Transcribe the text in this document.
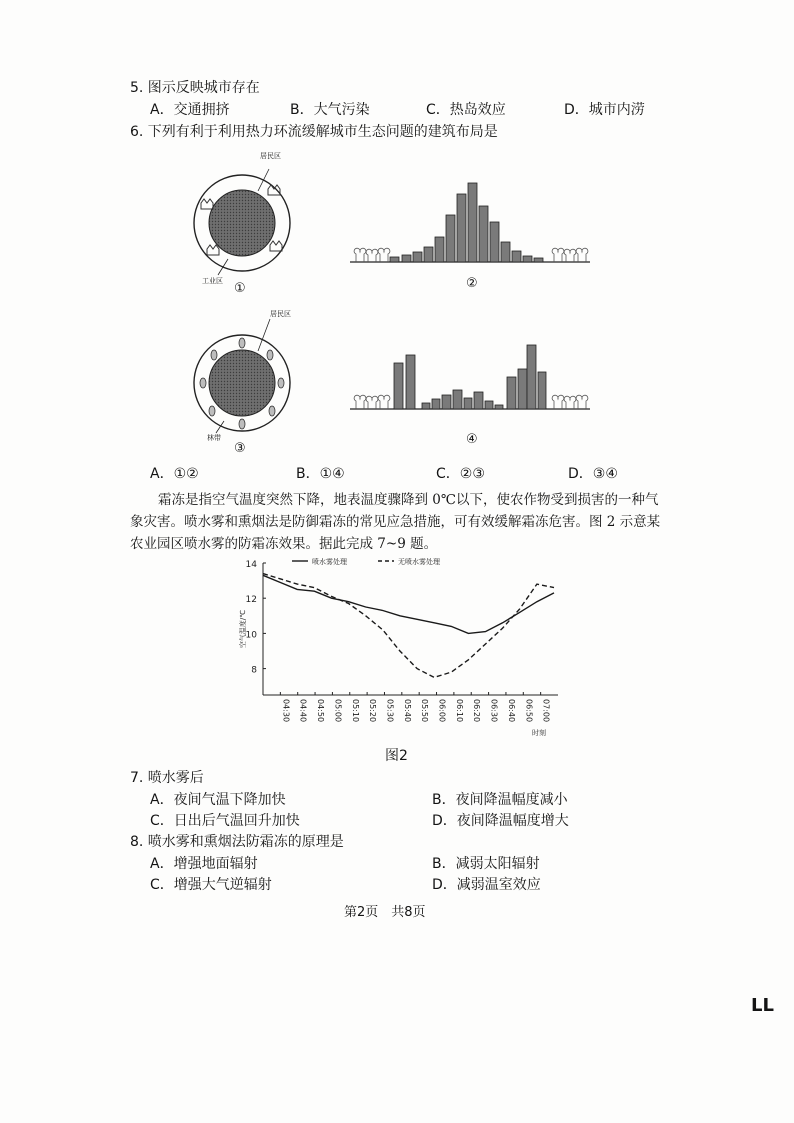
5. 图示反映城市存在
A．交通拥挤	B．大气污染	C．热岛效应	D．城市内涝
6. 下列有利于利用热力环流缓解城市生态问题的建筑布局是
居民区
工业区 ①	②
居民区
林带
③
④
A．①②	B．①④	C．②③	D．③④
霜冻是指空气温度突然下降，地表温度骤降到 0℃以下，使农作物受到损害的一种气
象灾害。喷水雾和熏烟法是防御霜冻的常见应急措施，可有效缓解霜冻危害。图 2 示意某
农业园区喷水雾的防霜冻效果。据此完成 7~9 题。
8
10
12
14
04:30 04:40 04:50 05:00 05:10 05:20 05:30 05:40 05:50 06:00 06:10 06:20 06:30 06:40 06:50 07:00
空气温度/℃
时刻
喷水雾处理	无喷水雾处理
图2
7. 喷水雾后
A．夜间气温下降加快	B．夜间降温幅度减小
C．日出后气温回升加快	D．夜间降温幅度增大
8. 喷水雾和熏烟法防霜冻的原理是
A．增强地面辐射	B．减弱太阳辐射
C．增强大气逆辐射	D．减弱温室效应
第2页　共8页
LL
